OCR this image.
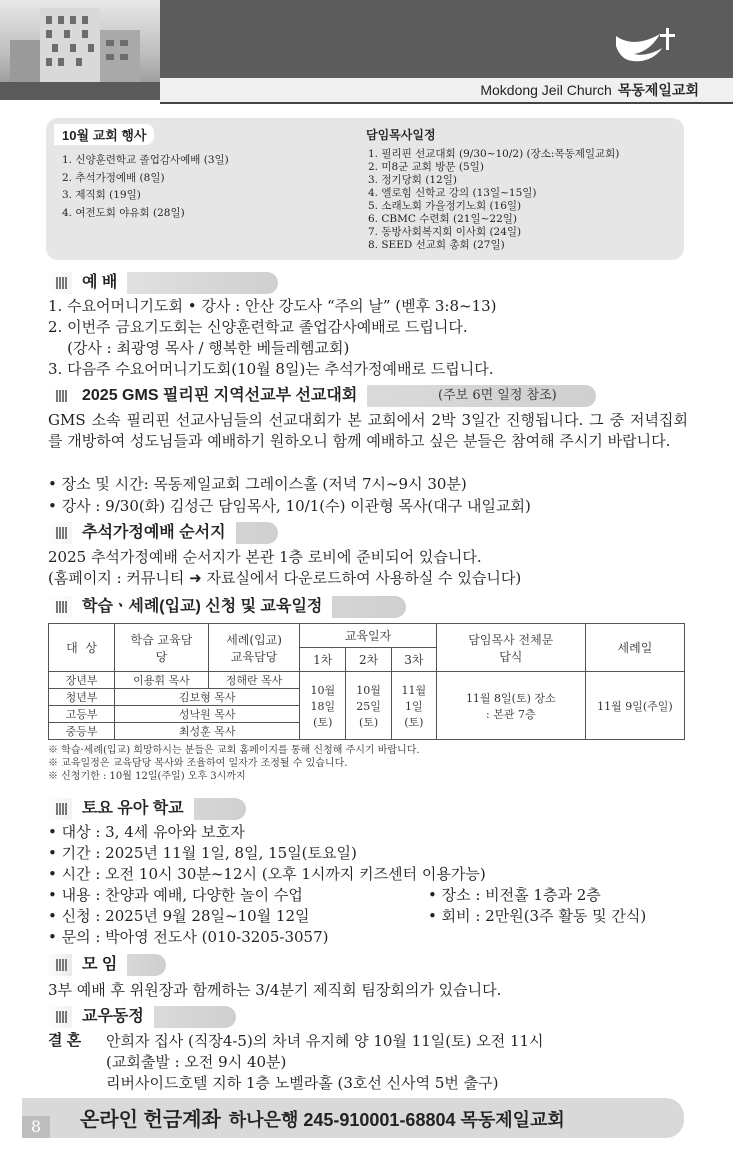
Mokdong Jeil Church 목동제일교회
10월 교회 행사
1. 신양훈련학교 졸업감사예배 (3일)
2. 추석가정예배 (8일)
3. 제직회 (19일)
4. 여전도회 야유회 (28일)
담임목사일정
1. 필리핀 선교대회 (9/30~10/2) (장소:목동제일교회)
2. 미8군 교회 방문 (5일)
3. 정기당회 (12일)
4. 엘로힘 신학교 강의 (13일~15일)
5. 소래노회 가을정기노회 (16일)
6. CBMC 수련회 (21일~22일)
7. 동방사회복지회 이사회 (24일)
8. SEED 선교회 총회 (27일)
예 배

1. 수요어머니기도회 • 강사 : 안산 강도사 “주의 날” (벧후 3:8~13)

2. 이번주 금요기도회는 신양훈련학교 졸업감사예배로 드립니다.

(강사 : 최광영 목사 / 행복한 베들레헴교회)

3. 다음주 수요어머니기도회(10월 8일)는 추석가정예배로 드립니다.

2025 GMS 필리핀 지역선교부 선교대회	(주보 6면 일정 참조)

GMS 소속 필리핀 선교사님들의 선교대회가 본 교회에서 2박 3일간 진행됩니다. 그 중 저녁집회를 개방하여 성도님들과 예배하기 원하오니 함께 예배하고 싶은 분들은 참여해 주시기 바랍니다.

• 장소 및 시간: 목동제일교회 그레이스홀 (저녁 7시~9시 30분)

• 강사 : 9/30(화) 김성근 담임목사, 10/1(수) 이관형 목사(대구 내일교회)

추석가정예배 순서지

2025 추석가정예배 순서지가 본관 1층 로비에 준비되어 있습니다.

(홈페이지 : 커뮤니티 ➜ 자료실에서 다운로드하여 사용하실 수 있습니다)

학습ㆍ세례(입교) 신청 및 교육일정
대  상	학습 교육담당	세례(입교) 교육담당	교육일자			담임목사 전체문답식	세례일
			1차	2차	3차		
장년부	이용휘 목사	정해란 목사	10월 18일(토)	10월 25일(토)	11월 1일(토)	11월 8일(토) 장소 : 본관 7층	11월 9일(주일)
청년부	김보형 목사						
고등부	성낙원 목사						
중등부	최성훈 목사						
※ 학습·세례(입교) 희망하시는 분들은 교회 홈페이지를 통해 신청해 주시기 바랍니다.
※ 교육일정은 교육담당 목사와 조율하여 일자가 조정될 수 있습니다.
※ 신청기한 : 10월 12일(주일) 오후 3시까지
토요 유아 학교

• 대상 : 3, 4세 유아와 보호자

• 기간 : 2025년 11월 1일, 8일, 15일(토요일)

• 시간 : 오전 10시 30분~12시 (오후 1시까지 키즈센터 이용가능)

• 내용 : 찬양과 예배, 다양한 놀이 수업	• 장소 : 비전홀 1층과 2층

• 신청 : 2025년 9월 28일~10월 12일	• 회비 : 2만원(3주 활동 및 간식)

• 문의 : 박아영 전도사 (010-3205-3057)

모 임

3부 예배 후 위원장과 함께하는 3/4분기 제직회 팀장회의가 있습니다.

교우동정

결 혼 안희자 집사 (직장4-5)의 차녀 유지혜 양 10월 11일(토) 오전 11시

(교회출발 : 오전 9시 40분)

리버사이드호텔 지하 1층 노벨라홀 (3호선 신사역 5번 출구)

8	온라인 헌금계좌 하나은행 245-910001-68804 목동제일교회
